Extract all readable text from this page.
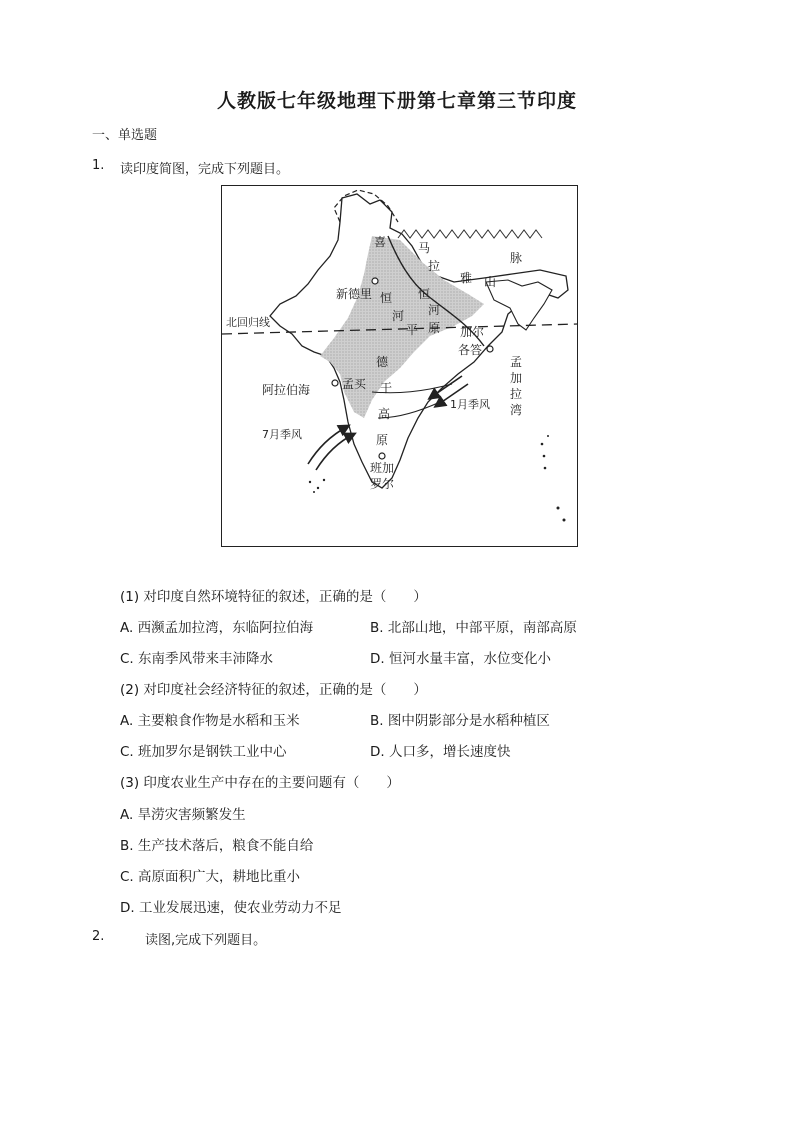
人教版七年级地理下册第七章第三节印度
一、单选题
1. 读印度简图，完成下列题目。
喜	马
拉
雅 山
脉
新德里 恒 恒
河 河
平 原
北回归线
加尔
各答
德
干
高
原
孟买
阿拉伯海
孟
加
拉
湾
1月季风
7月季风
班加
罗尔
(1) 对印度自然环境特征的叙述，正确的是（　　）
A. 西濒孟加拉湾，东临阿拉伯海	B. 北部山地，中部平原，南部高原
C. 东南季风带来丰沛降水	D. 恒河水量丰富，水位变化小
(2) 对印度社会经济特征的叙述，正确的是（　　）
A. 主要粮食作物是水稻和玉米	B. 图中阴影部分是水稻种植区
C. 班加罗尔是钢铁工业中心	D. 人口多，增长速度快
(3) 印度农业生产中存在的主要问题有（　　）
A. 旱涝灾害频繁发生
B. 生产技术落后，粮食不能自给
C. 高原面积广大，耕地比重小
D. 工业发展迅速，使农业劳动力不足
2.	读图,完成下列题目。
